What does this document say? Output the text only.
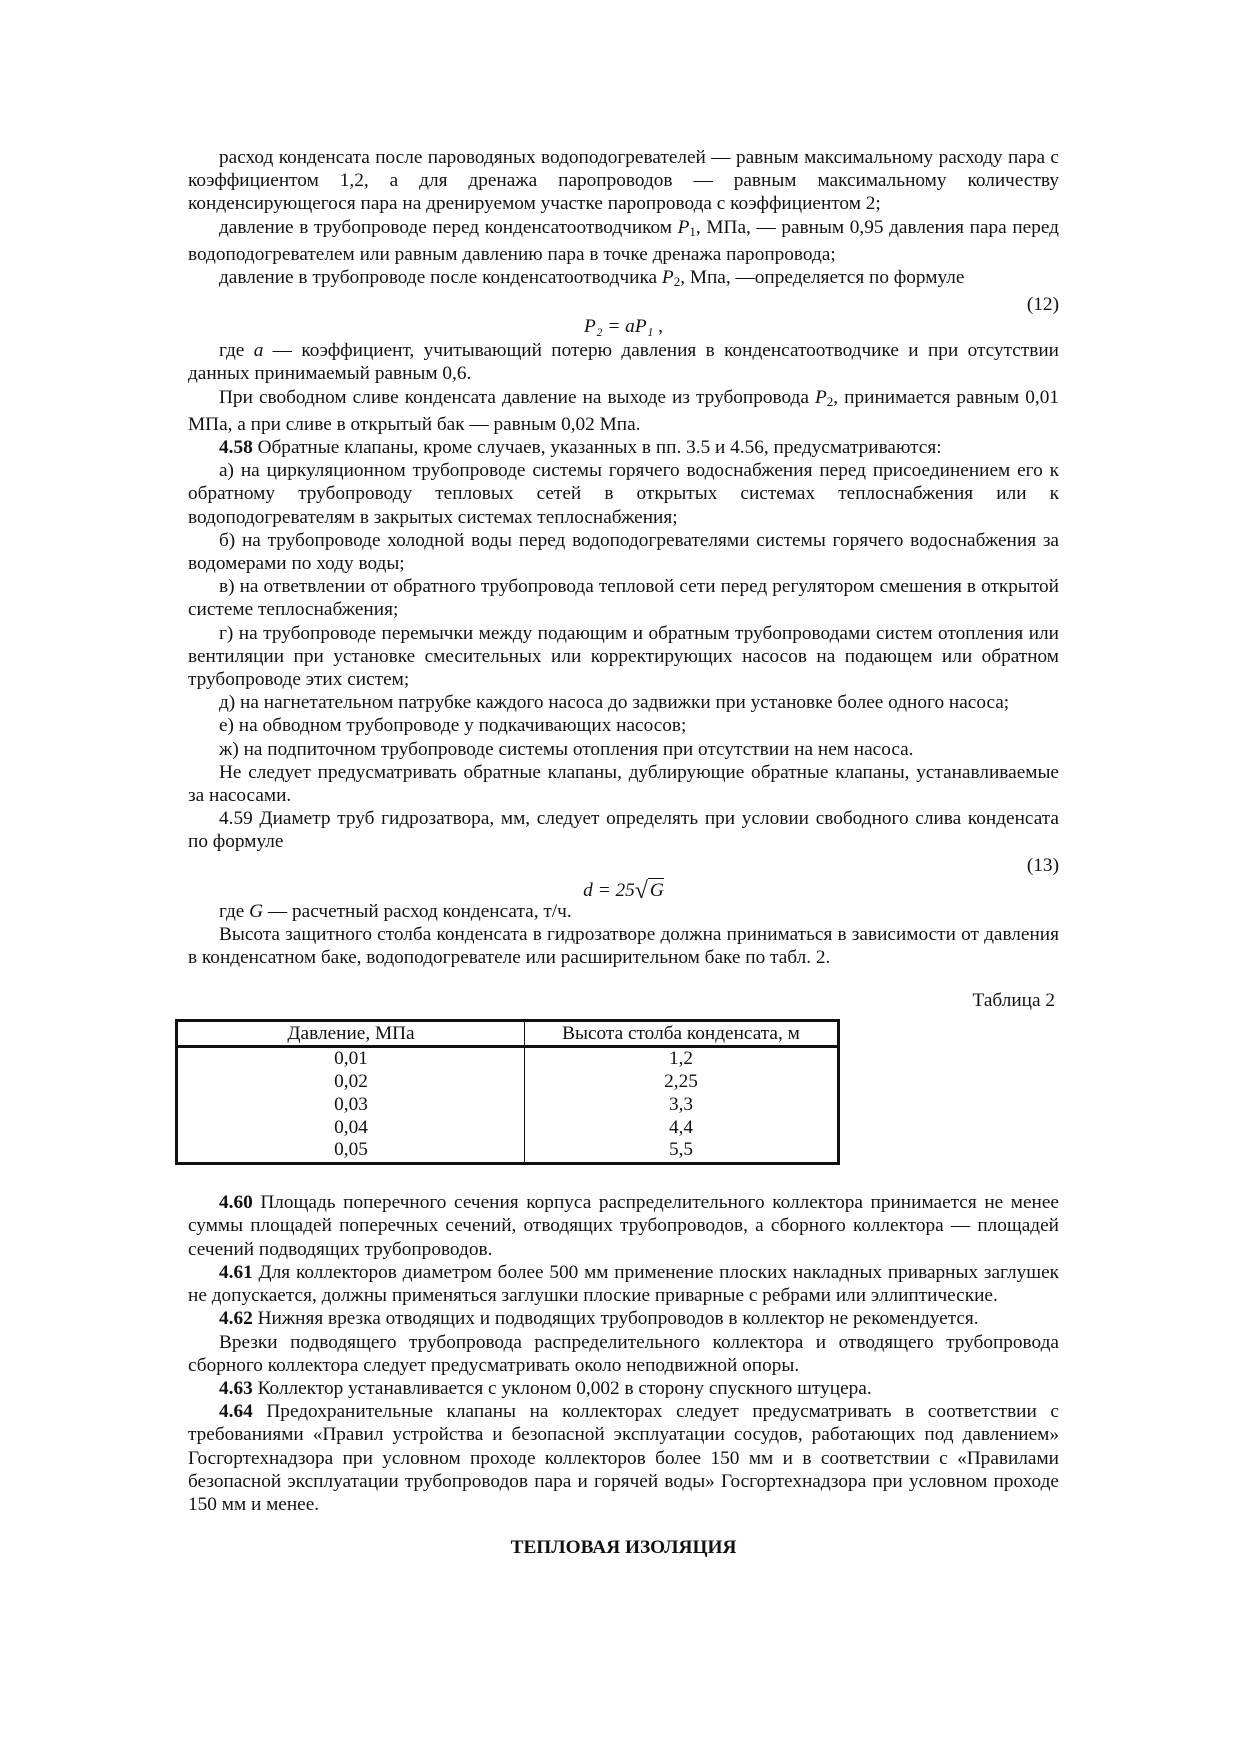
расход конденсата после пароводяных водоподогревателей — равным максимальному расходу пара с коэффициентом 1,2, а для дренажа паропроводов — равным максимальному количеству конденсирующегося пара на дренируемом участке паропровода с коэффициентом 2;

давление в трубопроводе перед конденсатоотводчиком $P_1$, МПа, — равным 0,95 давления пара перед водоподогревателем или равным давлению пара в точке дренажа паропровода;

давление в трубопроводе после конденсатоотводчика $P_2$, Мпа, —определяется по формуле

(12)
P₂ = aP₁ ,

где a — коэффициент, учитывающий потерю давления в конденсатоотводчике и при отсутствии данных принимаемый равным 0,6.

При свободном сливе конденсата давление на выходе из трубопровода $P_2$, принимается равным 0,01 МПа, а при сливе в открытый бак — равным 0,02 Мпа.

4.58 Обратные клапаны, кроме случаев, указанных в пп. 3.5 и 4.56, предусматриваются:

а) на циркуляционном трубопроводе системы горячего водоснабжения перед присоединением его к обратному трубопроводу тепловых сетей в открытых системах теплоснабжения или к водоподогревателям в закрытых системах теплоснабжения;

б) на трубопроводе холодной воды перед водоподогревателями системы горячего водоснабжения за водомерами по ходу воды;

в) на ответвлении от обратного трубопровода тепловой сети перед регулятором смешения в открытой системе теплоснабжения;

г) на трубопроводе перемычки между подающим и обратным трубопроводами систем отопления или вентиляции при установке смесительных или корректирующих насосов на подающем или обратном трубопроводе этих систем;

д) на нагнетательном патрубке каждого насоса до задвижки при установке более одного насоса;

е) на обводном трубопроводе у подкачивающих насосов;

ж) на подпиточном трубопроводе системы отопления при отсутствии на нем насоса.

Не следует предусматривать обратные клапаны, дублирующие обратные клапаны, устанавливаемые за насосами.

4.59 Диаметр труб гидрозатвора, мм, следует определять при условии свободного слива конденсата по формуле

(13)
d = 25√ G

где G — расчетный расход конденсата, т/ч.

Высота защитного столба конденсата в гидрозатворе должна приниматься в зависимости от давления в конденсатном баке, водоподогревателе или расширительном баке по табл. 2.

Таблица 2

Давление, МПа	Высота столба конденсата, м
0,01	1,2
0,02	2,25
0,03	3,3
0,04	4,4
0,05	5,5

4.60 Площадь поперечного сечения корпуса распределительного коллектора принимается не менее суммы площадей поперечных сечений, отводящих трубопроводов, а сборного коллектора — площадей сечений подводящих трубопроводов.

4.61 Для коллекторов диаметром более 500 мм применение плоских накладных приварных заглушек не допускается, должны применяться заглушки плоские приварные с ребрами или эллиптические.

4.62 Нижняя врезка отводящих и подводящих трубопроводов в коллектор не рекомендуется.

Врезки подводящего трубопровода распределительного коллектора и отводящего трубопровода сборного коллектора следует предусматривать около неподвижной опоры.

4.63 Коллектор устанавливается с уклоном 0,002 в сторону спускного штуцера.

4.64 Предохранительные клапаны на коллекторах следует предусматривать в соответствии с требованиями «Правил устройства и безопасной эксплуатации сосудов, работающих под давлением» Госгортехнадзора при условном проходе коллекторов более 150 мм и в соответствии с «Правилами безопасной эксплуатации трубопроводов пара и горячей воды» Госгортехнадзора при условном проходе 150 мм и менее.

ТЕПЛОВАЯ ИЗОЛЯЦИЯ
